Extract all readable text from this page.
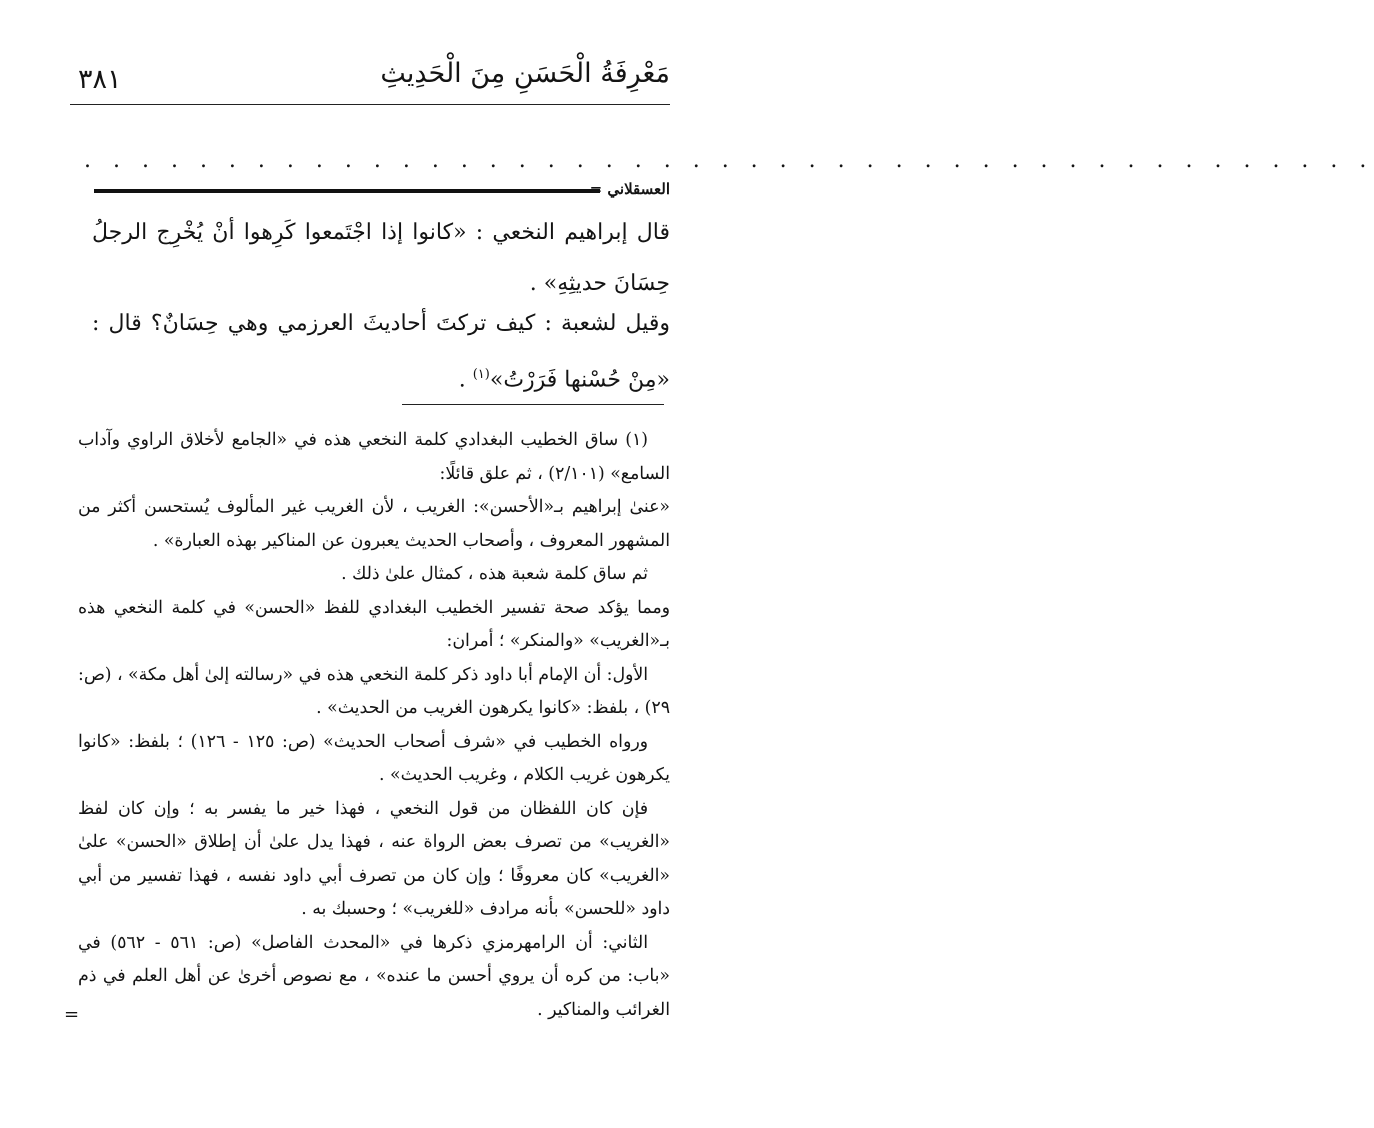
٣٨١	مَعْرِفَةُ الْحَسَنِ مِنَ الْحَدِيثِ
. . . . . . . . . . . . . . . . . . . . . . . . . . . . . . . . . . . . . . . . . . . . .
العسقلاني =

قال إبراهيم النخعي : «كانوا إذا اجْتَمعوا كَرِهوا أنْ يُخْرِج الرجلُ حِسَانَ حديثِهِ» .

وقيل لشعبة : كيف تركتَ أحاديثَ العرزمي وهي حِسَانٌ؟ قال : «مِنْ حُسْنها فَرَرْتُ»$^{(١)}$ .

(١) ساق الخطيب البغدادي كلمة النخعي هذه في «الجامع لأخلاق الراوي وآداب السامع» (٢/١٠١) ، ثم علق قائلًا:

«عنىٰ إبراهيم بـ«الأحسن»: الغريب ، لأن الغريب غير المألوف يُستحسن أكثر من المشهور المعروف ، وأصحاب الحديث يعبرون عن المناكير بهذه العبارة» .

ثم ساق كلمة شعبة هذه ، كمثال علىٰ ذلك .

ومما يؤكد صحة تفسير الخطيب البغدادي للفظ «الحسن» في كلمة النخعي هذه بـ«الغريب» «والمنكر» ؛ أمران:

الأول: أن الإمام أبا داود ذكر كلمة النخعي هذه في «رسالته إلىٰ أهل مكة» ، (ص: ٢٩) ، بلفظ: «كانوا يكرهون الغريب من الحديث» .

ورواه الخطيب في «شرف أصحاب الحديث» (ص: ١٢٥ - ١٢٦) ؛ بلفظ: «كانوا يكرهون غريب الكلام ، وغريب الحديث» .

فإن كان اللفظان من قول النخعي ، فهذا خير ما يفسر به ؛ وإن كان لفظ «الغريب» من تصرف بعض الرواة عنه ، فهذا يدل علىٰ أن إطلاق «الحسن» علىٰ «الغريب» كان معروفًا ؛ وإن كان من تصرف أبي داود نفسه ، فهذا تفسير من أبي داود «للحسن» بأنه مرادف «للغريب» ؛ وحسبك به .

الثاني: أن الرامهرمزي ذكرها في «المحدث الفاصل» (ص: ٥٦١ - ٥٦٢) في «باب: من كره أن يروي أحسن ما عنده» ، مع نصوص أخرىٰ عن أهل العلم في ذم الغرائب والمناكير .

=
